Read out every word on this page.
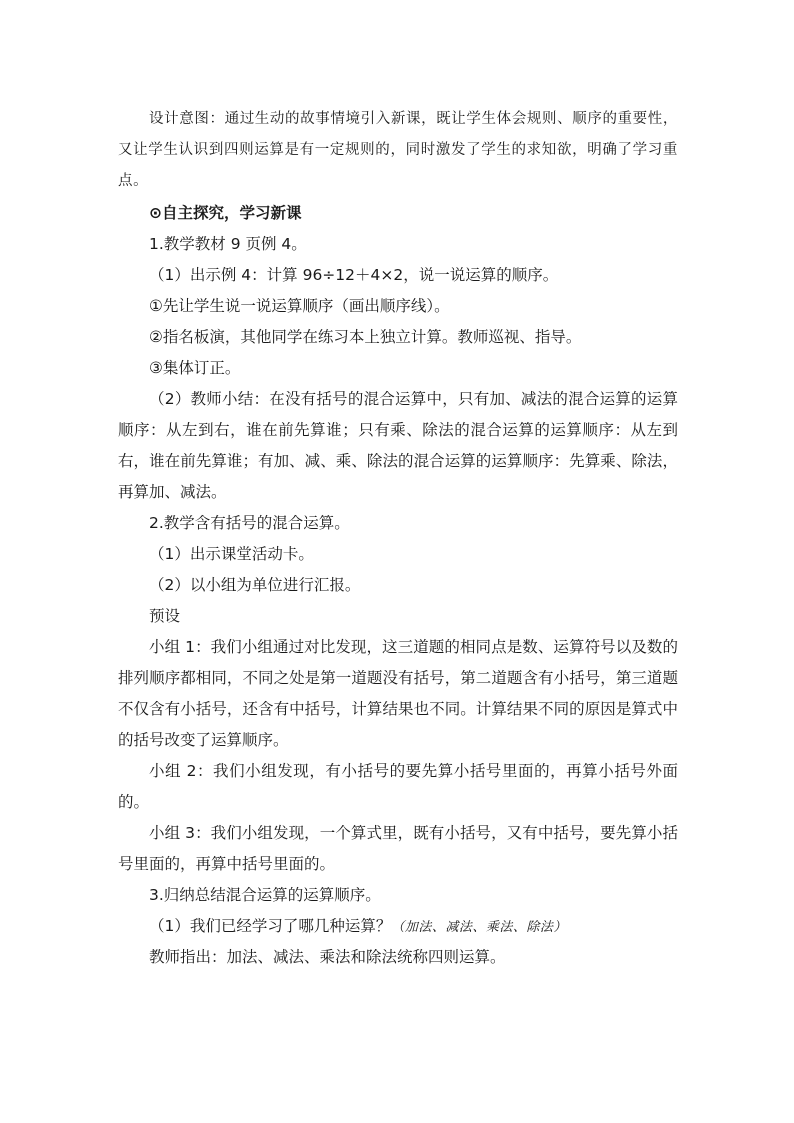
设计意图：通过生动的故事情境引入新课，既让学生体会规则、顺序的重要性，又让学生认识到四则运算是有一定规则的，同时激发了学生的求知欲，明确了学习重点。

⊙自主探究，学习新课

1.教学教材 9 页例 4。

（1）出示例 4：计算 96÷12＋4×2，说一说运算的顺序。

①先让学生说一说运算顺序（画出顺序线）。

②指名板演，其他同学在练习本上独立计算。教师巡视、指导。

③集体订正。

（2）教师小结：在没有括号的混合运算中，只有加、减法的混合运算的运算顺序：从左到右，谁在前先算谁；只有乘、除法的混合运算的运算顺序：从左到右，谁在前先算谁；有加、减、乘、除法的混合运算的运算顺序：先算乘、除法，再算加、减法。

2.教学含有括号的混合运算。

（1）出示课堂活动卡。

（2）以小组为单位进行汇报。

预设

小组 1：我们小组通过对比发现，这三道题的相同点是数、运算符号以及数的排列顺序都相同，不同之处是第一道题没有括号，第二道题含有小括号，第三道题不仅含有小括号，还含有中括号，计算结果也不同。计算结果不同的原因是算式中的括号改变了运算顺序。

小组 2：我们小组发现，有小括号的要先算小括号里面的，再算小括号外面的。

小组 3：我们小组发现，一个算式里，既有小括号，又有中括号，要先算小括号里面的，再算中括号里面的。

3.归纳总结混合运算的运算顺序。

（1）我们已经学习了哪几种运算？（加法、减法、乘法、除法）

教师指出：加法、减法、乘法和除法统称四则运算。
